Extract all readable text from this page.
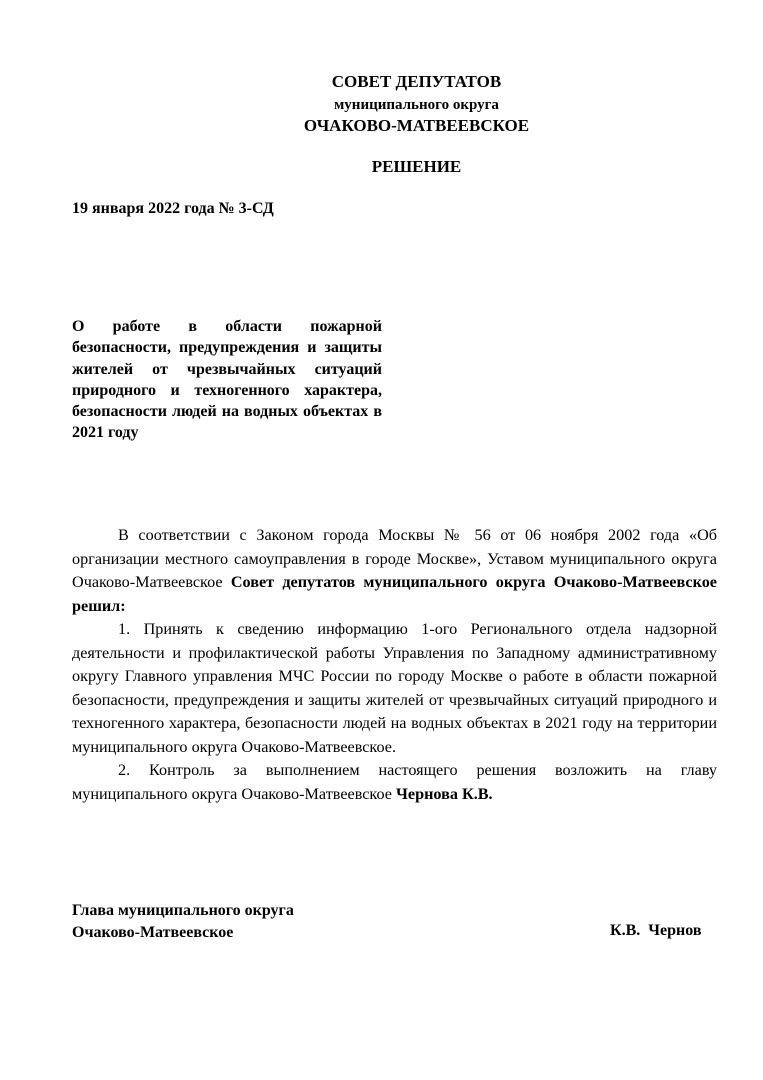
СОВЕТ ДЕПУТАТОВ
муниципального округа
ОЧАКОВО-МАТВЕЕВСКОЕ
РЕШЕНИЕ
19 января 2022 года № 3-СД
О работе в области пожарной безопасности, предупреждения и защиты жителей от чрезвычайных ситуаций природного и техногенного характера, безопасности людей на водных объектах в 2021 году

В соответствии с Законом города Москвы № 56 от 06 ноября 2002 года «Об организации местного самоуправления в городе Москве», Уставом муниципального округа Очаково-Матвеевское Совет депутатов муниципального округа Очаково-Матвеевское решил:

1. Принять к сведению информацию 1-ого Регионального отдела надзорной деятельности и профилактической работы Управления по Западному административному округу Главного управления МЧС России по городу Москве о работе в области пожарной безопасности, предупреждения и защиты жителей от чрезвычайных ситуаций природного и техногенного характера, безопасности людей на водных объектах в 2021 году на территории муниципального округа Очаково-Матвеевское.

2. Контроль за выполнением настоящего решения возложить на главу муниципального округа Очаково-Матвеевское Чернова К.В.

Глава муниципального округа
Очаково-Матвеевское	К.В.  Чернов
